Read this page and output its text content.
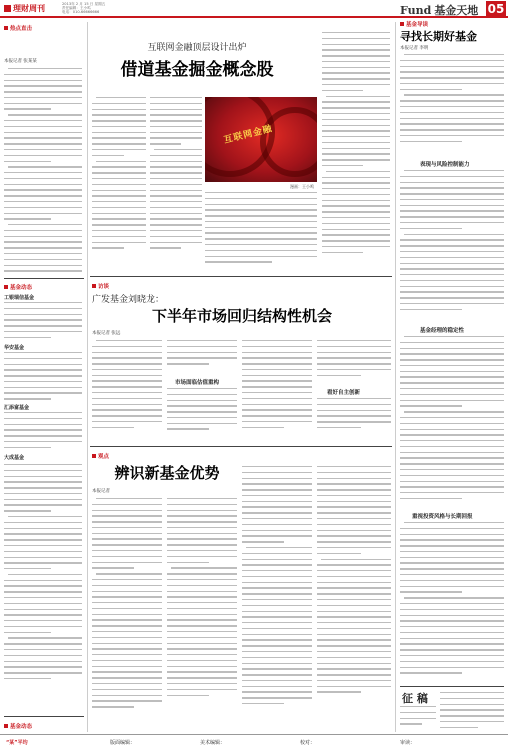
理财周刊	2013年 2 月 15 日 星期五
责任编辑：王小鸣
电话：010-66666666	Fund 基金天地 05
热点直击
本报记者 张某某
基金动态
工银瑞信基金
华安基金
汇添富基金
大成基金
基金动态
互联网金融顶层设计出炉
借道基金掘金概念股
互联网金融
漫画：王小鸣
访谈
广发基金刘晓龙：
下半年市场回归结构性机会
本报记者 张远
市场面临估值重构
看好自主创新
观点
辨识新基金优势
本报记者
基金导读
寻找长期好基金
本报记者 李明
表现与风险控制能力
基金经理的稳定性
重视投资风格与长期回报
征 稿
“某”平均	版面编辑：	美术编辑：	校对：	审读：
